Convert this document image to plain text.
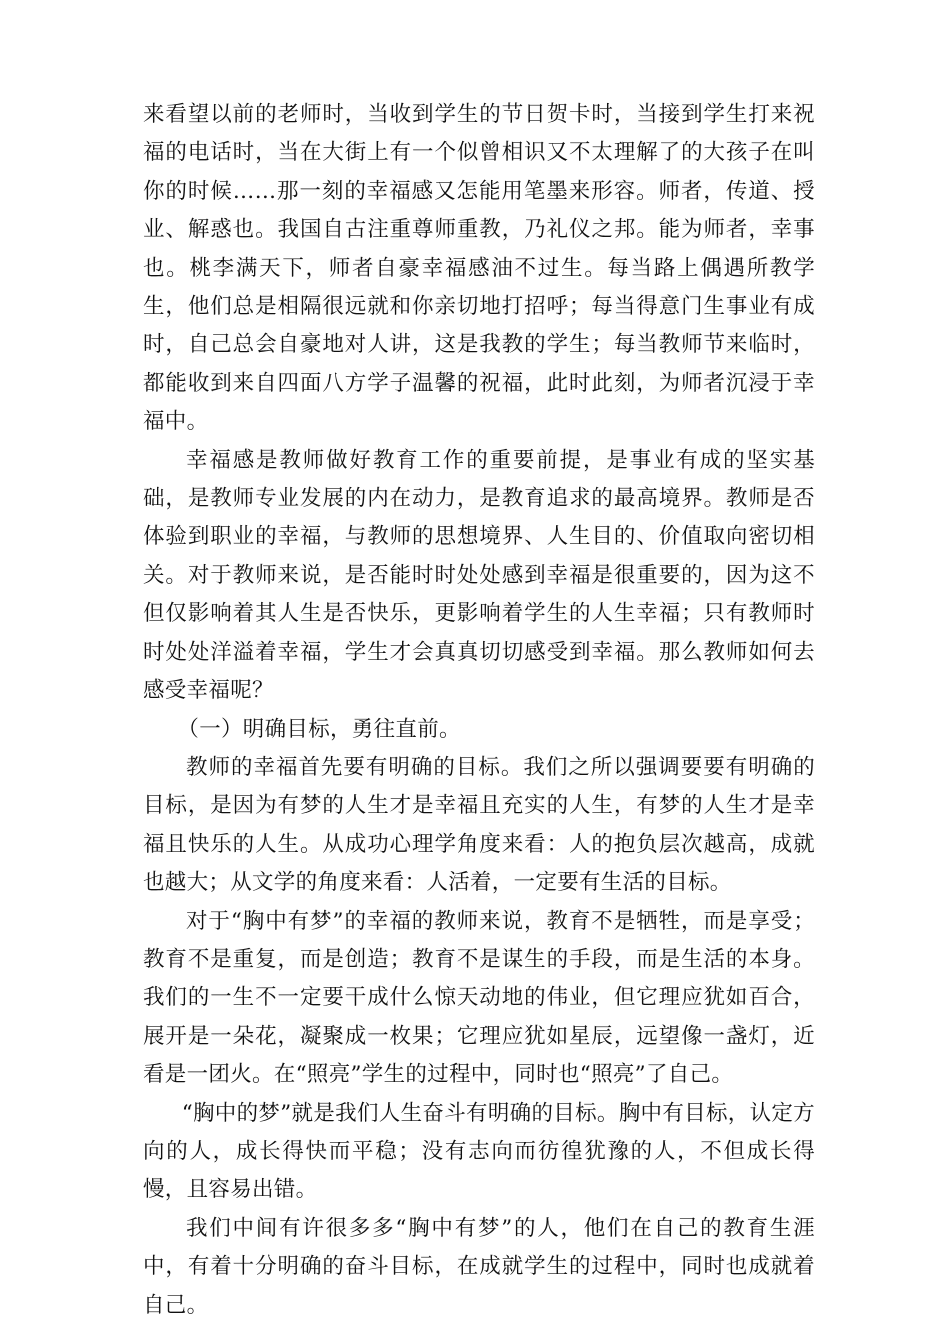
来看望以前的老师时，当收到学生的节日贺卡时，当接到学生打来祝福的电话时，当在大街上有一个似曾相识又不太理解了的大孩子在叫你的时候……那一刻的幸福感又怎能用笔墨来形容。师者，传道、授业、解惑也。我国自古注重尊师重教，乃礼仪之邦。能为师者，幸事也。桃李满天下，师者自豪幸福感油不过生。每当路上偶遇所教学生，他们总是相隔很远就和你亲切地打招呼；每当得意门生事业有成时，自己总会自豪地对人讲，这是我教的学生；每当教师节来临时，都能收到来自四面八方学子温馨的祝福，此时此刻，为师者沉浸于幸福中。

幸福感是教师做好教育工作的重要前提，是事业有成的坚实基础，是教师专业发展的内在动力，是教育追求的最高境界。教师是否体验到职业的幸福，与教师的思想境界、人生目的、价值取向密切相关。对于教师来说，是否能时时处处感到幸福是很重要的，因为这不但仅影响着其人生是否快乐，更影响着学生的人生幸福；只有教师时时处处洋溢着幸福，学生才会真真切切感受到幸福。那么教师如何去感受幸福呢？

（一）明确目标，勇往直前。

教师的幸福首先要有明确的目标。我们之所以强调要要有明确的目标，是因为有梦的人生才是幸福且充实的人生，有梦的人生才是幸福且快乐的人生。从成功心理学角度来看：人的抱负层次越高，成就也越大；从文学的角度来看：人活着，一定要有生活的目标。

对于“胸中有梦”的幸福的教师来说，教育不是牺牲，而是享受；教育不是重复，而是创造；教育不是谋生的手段，而是生活的本身。我们的一生不一定要干成什么惊天动地的伟业，但它理应犹如百合，展开是一朵花，凝聚成一枚果；它理应犹如星辰，远望像一盏灯，近看是一团火。在“照亮”学生的过程中，同时也“照亮”了自己。

“胸中的梦”就是我们人生奋斗有明确的目标。胸中有目标，认定方向的人，成长得快而平稳；没有志向而彷徨犹豫的人，不但成长得慢，且容易出错。

我们中间有许很多多“胸中有梦”的人，他们在自己的教育生涯中，有着十分明确的奋斗目标，在成就学生的过程中，同时也成就着自己。
